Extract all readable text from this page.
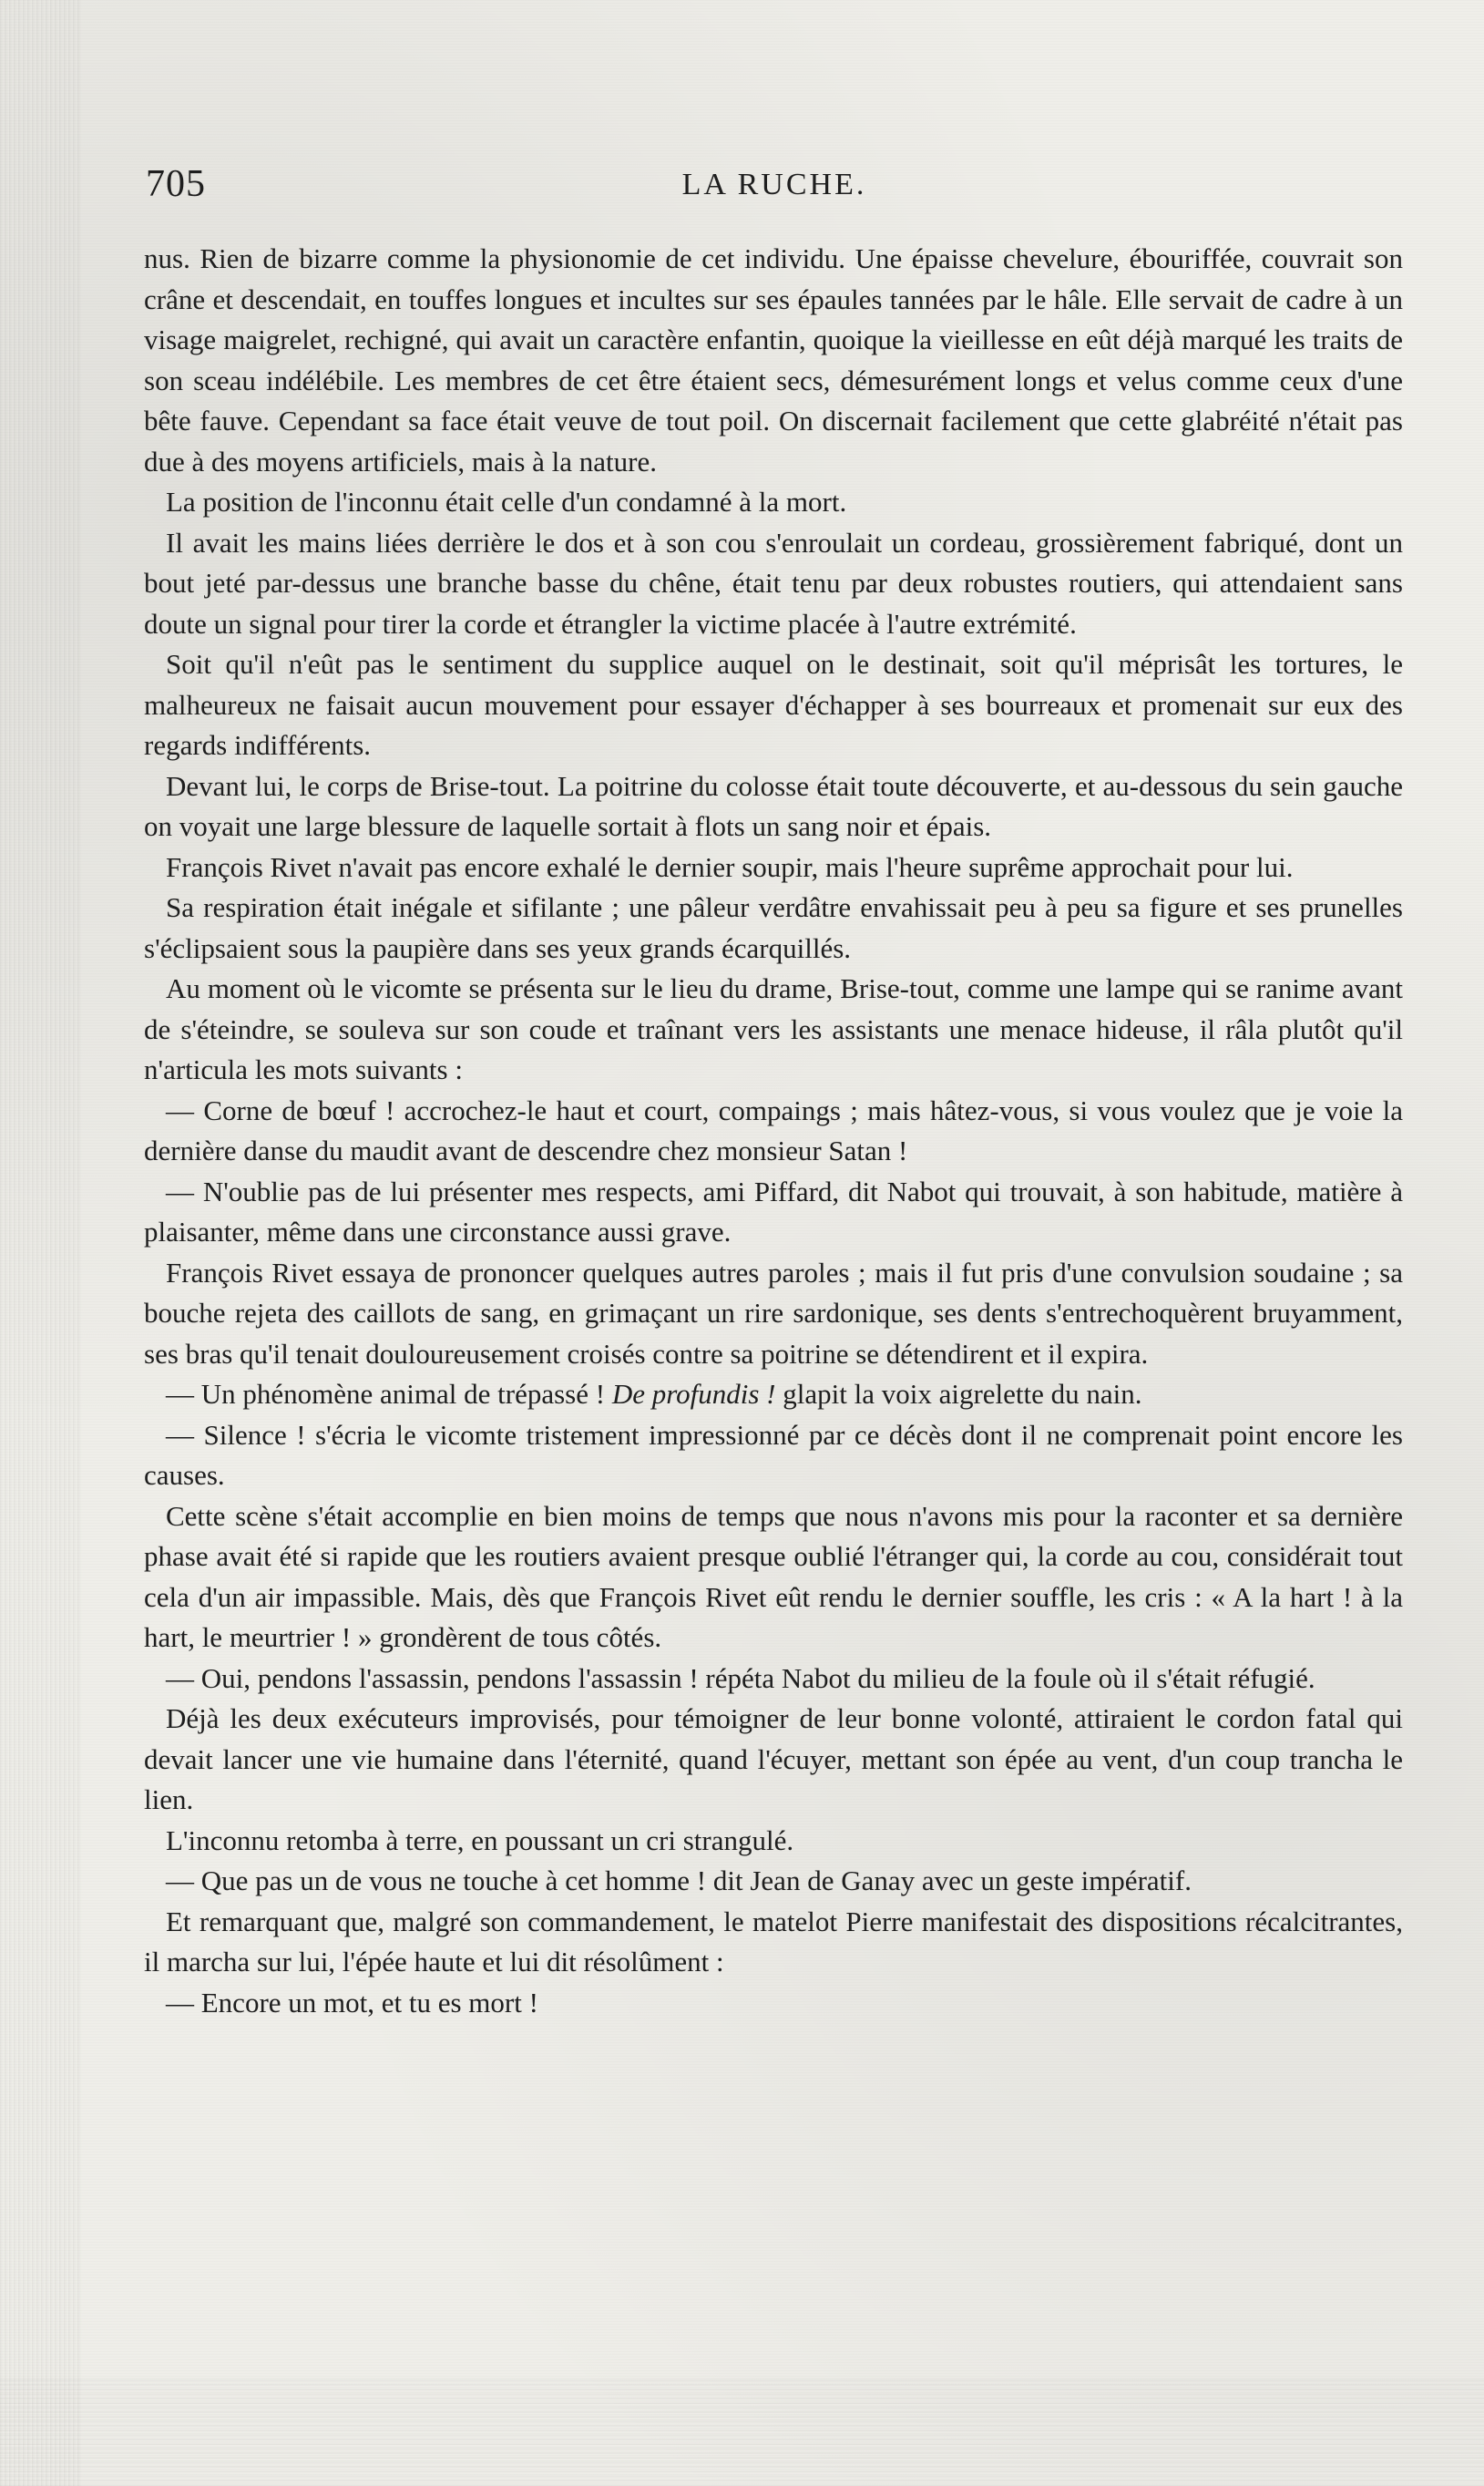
705	LA RUCHE.

nus. Rien de bizarre comme la physionomie de cet individu. Une épaisse chevelure, ébouriffée, couvrait son crâne et descendait, en touffes longues et incultes sur ses épaules tannées par le hâle. Elle servait de cadre à un visage maigrelet, rechigné, qui avait un caractère enfantin, quoique la vieillesse en eût déjà marqué les traits de son sceau indélébile. Les membres de cet être étaient secs, démesurément longs et velus comme ceux d'une bête fauve. Cependant sa face était veuve de tout poil. On discernait facilement que cette glabréité n'était pas due à des moyens artificiels, mais à la nature.

La position de l'inconnu était celle d'un condamné à la mort.

Il avait les mains liées derrière le dos et à son cou s'enroulait un cordeau, grossièrement fabriqué, dont un bout jeté par-dessus une branche basse du chêne, était tenu par deux robustes routiers, qui attendaient sans doute un signal pour tirer la corde et étrangler la victime placée à l'autre extrémité.

Soit qu'il n'eût pas le sentiment du supplice auquel on le destinait, soit qu'il méprisât les tortures, le malheureux ne faisait aucun mouvement pour essayer d'échapper à ses bourreaux et promenait sur eux des regards indifférents.

Devant lui, le corps de Brise-tout. La poitrine du colosse était toute découverte, et au-dessous du sein gauche on voyait une large blessure de laquelle sortait à flots un sang noir et épais.

François Rivet n'avait pas encore exhalé le dernier soupir, mais l'heure suprême approchait pour lui.

Sa respiration était inégale et sifilante ; une pâleur verdâtre envahissait peu à peu sa figure et ses prunelles s'éclipsaient sous la paupière dans ses yeux grands écarquillés.

Au moment où le vicomte se présenta sur le lieu du drame, Brise-tout, comme une lampe qui se ranime avant de s'éteindre, se souleva sur son coude et traînant vers les assistants une menace hideuse, il râla plutôt qu'il n'articula les mots suivants :

— Corne de bœuf ! accrochez-le haut et court, compaings ; mais hâtez-vous, si vous voulez que je voie la dernière danse du maudit avant de descendre chez monsieur Satan !

— N'oublie pas de lui présenter mes respects, ami Piffard, dit Nabot qui trouvait, à son habitude, matière à plaisanter, même dans une circonstance aussi grave.

François Rivet essaya de prononcer quelques autres paroles ; mais il fut pris d'une convulsion soudaine ; sa bouche rejeta des caillots de sang, en grimaçant un rire sardonique, ses dents s'entrechoquèrent bruyamment, ses bras qu'il tenait douloureusement croisés contre sa poitrine se détendirent et il expira.

— Un phénomène animal de trépassé ! De profundis ! glapit la voix aigrelette du nain.

— Silence ! s'écria le vicomte tristement impressionné par ce décès dont il ne comprenait point encore les causes.

Cette scène s'était accomplie en bien moins de temps que nous n'avons mis pour la raconter et sa dernière phase avait été si rapide que les routiers avaient presque oublié l'étranger qui, la corde au cou, considérait tout cela d'un air impassible. Mais, dès que François Rivet eût rendu le dernier souffle, les cris : « A la hart ! à la hart, le meurtrier ! » grondèrent de tous côtés.

— Oui, pendons l'assassin, pendons l'assassin ! répéta Nabot du milieu de la foule où il s'était réfugié.

Déjà les deux exécuteurs improvisés, pour témoigner de leur bonne volonté, attiraient le cordon fatal qui devait lancer une vie humaine dans l'éternité, quand l'écuyer, mettant son épée au vent, d'un coup trancha le lien.

L'inconnu retomba à terre, en poussant un cri strangulé.

— Que pas un de vous ne touche à cet homme ! dit Jean de Ganay avec un geste impératif.

Et remarquant que, malgré son commandement, le matelot Pierre manifestait des dispositions récalcitrantes, il marcha sur lui, l'épée haute et lui dit résolûment :

— Encore un mot, et tu es mort !
